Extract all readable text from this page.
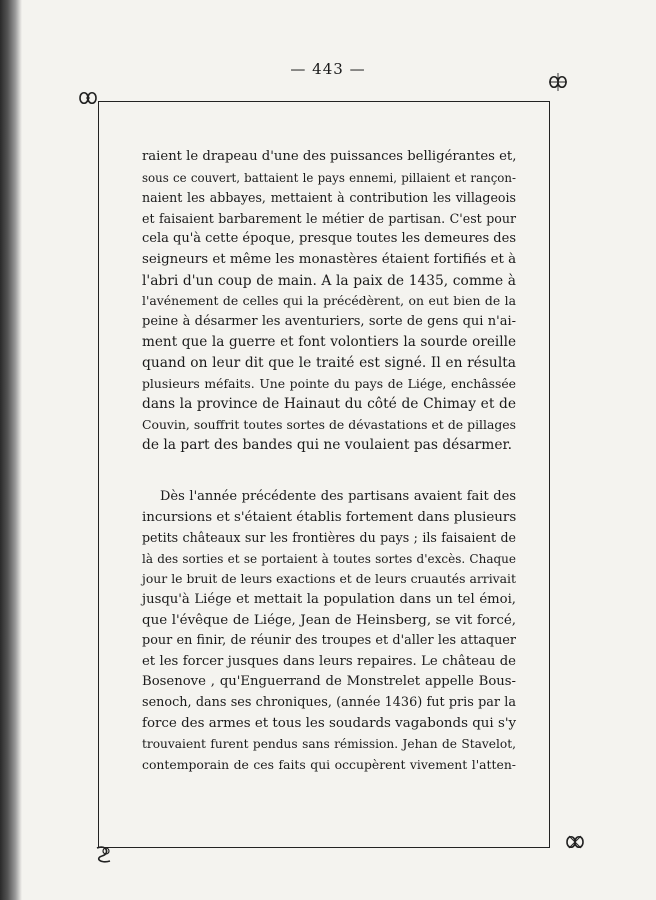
— 443 —
raient le drapeau d'une des puissances belligérantes et,
sous ce couvert, battaient le pays ennemi, pillaient et rançon-
naient les abbayes, mettaient à contribution les villageois
et faisaient barbarement le métier de partisan. C'est pour
cela qu'à cette époque, presque toutes les demeures des
seigneurs et même les monastères étaient fortifiés et à
l'abri d'un coup de main. A la paix de 1435, comme à
l'avénement de celles qui la précédèrent, on eut bien de la
peine à désarmer les aventuriers, sorte de gens qui n'ai-
ment que la guerre et font volontiers la sourde oreille
quand on leur dit que le traité est signé. Il en résulta
plusieurs méfaits. Une pointe du pays de Liége, enchâssée
dans la province de Hainaut du côté de Chimay et de
Couvin, souffrit toutes sortes de dévastations et de pillages
de la part des bandes qui ne voulaient pas désarmer.
Dès l'année précédente des partisans avaient fait des
incursions et s'étaient établis fortement dans plusieurs
petits châteaux sur les frontières du pays ; ils faisaient de
là des sorties et se portaient à toutes sortes d'excès. Chaque
jour le bruit de leurs exactions et de leurs cruautés arrivait
jusqu'à Liége et mettait la population dans un tel émoi,
que l'évêque de Liége, Jean de Heinsberg, se vit forcé,
pour en finir, de réunir des troupes et d'aller les attaquer
et les forcer jusques dans leurs repaires. Le château de
Bosenove , qu'Enguerrand de Monstrelet appelle Bous-
senoch, dans ses chroniques, (année 1436) fut pris par la
force des armes et tous les soudards vagabonds qui s'y
trouvaient furent pendus sans rémission. Jehan de Stavelot,
contemporain de ces faits qui occupèrent vivement l'atten-
